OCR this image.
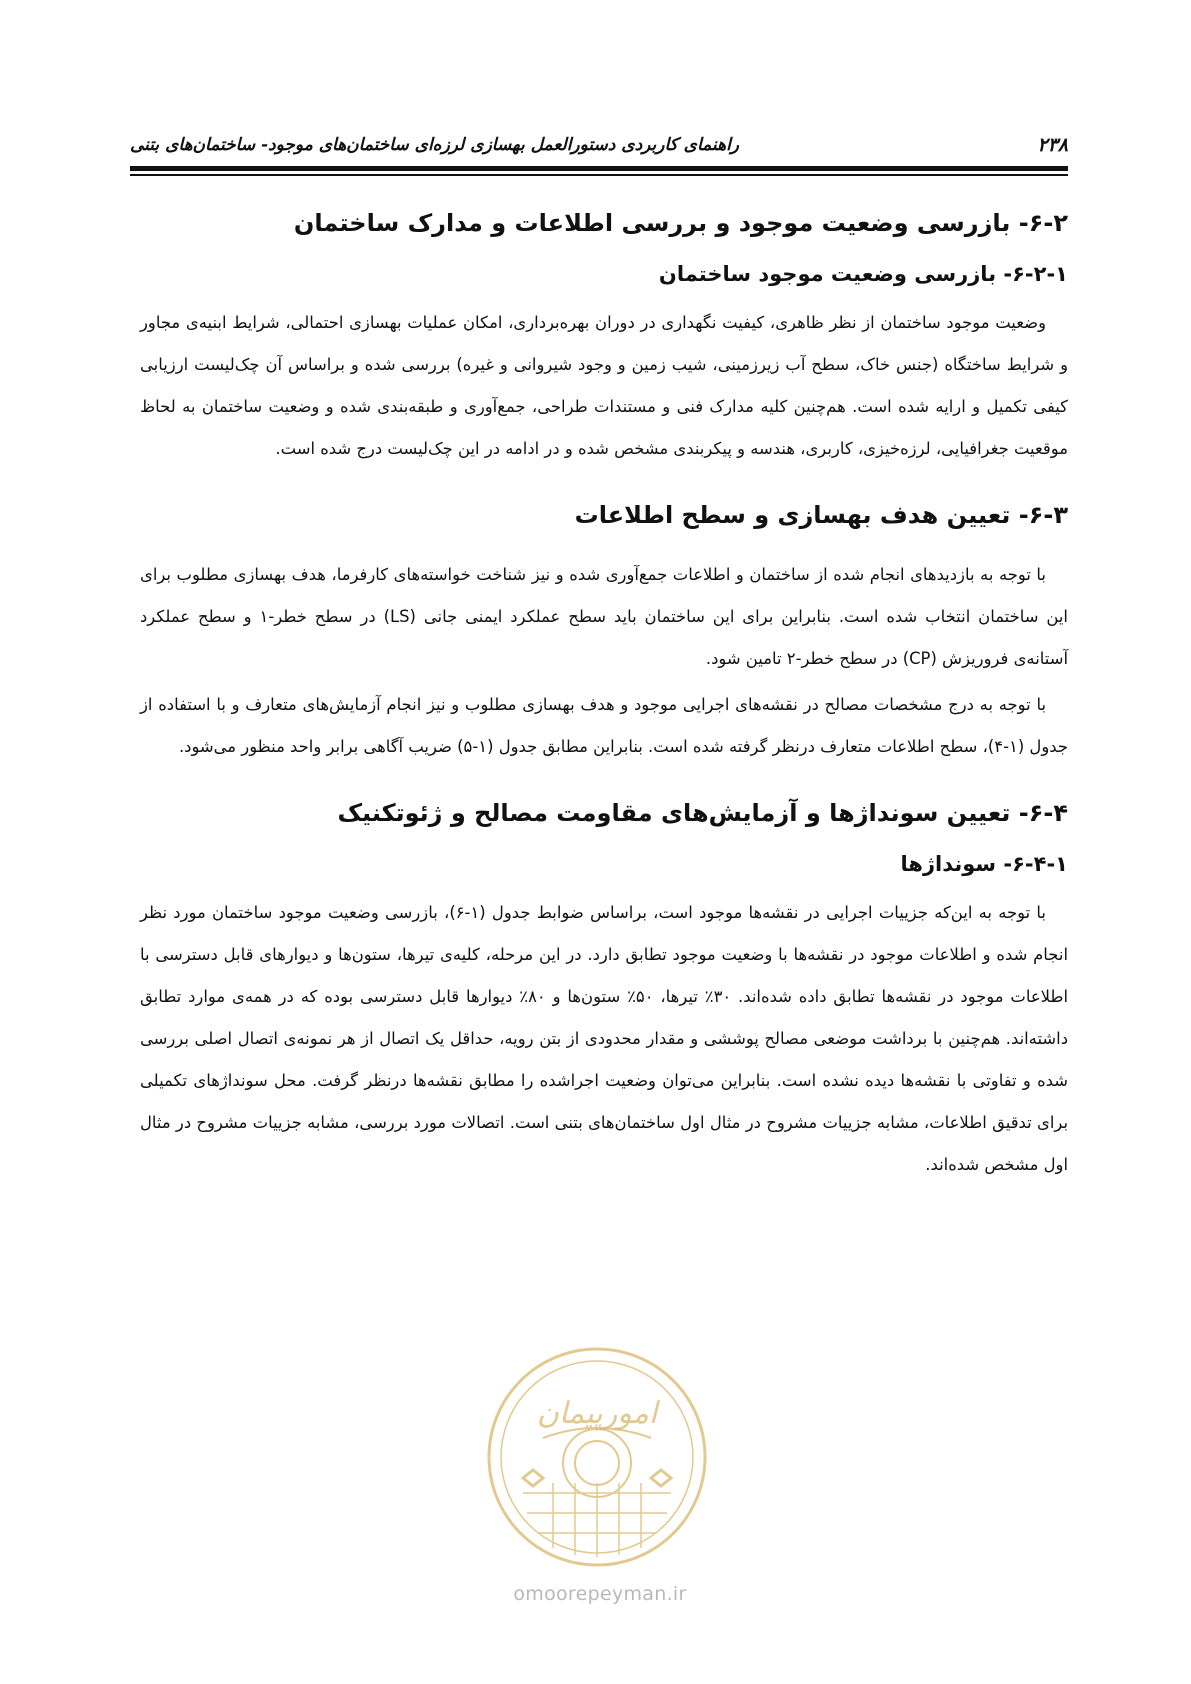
۲۳۸
راهنمای کاربردی دستورالعمل بهسازی لرزه‌ای ساختمان‌های موجود- ساختمان‌های بتنی
۶-۲- بازرسی وضعیت موجود و بررسی اطلاعات و مدارک ساختمان
۶-۲-۱- بازرسی وضعیت موجود ساختمان

وضعیت موجود ساختمان از نظر ظاهری، کیفیت نگهداری در دوران بهره‌برداری، امکان عملیات بهسازی احتمالی، شرایط ابنیه‌ی مجاور و شرایط ساختگاه (جنس خاک، سطح آب زیرزمینی، شیب زمین و وجود شیروانی و غیره) بررسی شده و براساس آن چک‌لیست ارزیابی کیفی تکمیل و ارایه شده است. هم‌چنین کلیه مدارک فنی و مستندات طراحی، جمع‌آوری و طبقه‌بندی شده و وضعیت ساختمان به لحاظ موقعیت جغرافیایی، لرزه‌خیزی، کاربری، هندسه و پیکربندی مشخص شده و در ادامه در این چک‌لیست درج شده است.

۶-۳- تعیین هدف بهسازی و سطح اطلاعات

با توجه به بازدیدهای انجام شده از ساختمان و اطلاعات جمع‌آوری شده و نیز شناخت خواسته‌های کارفرما، هدف بهسازی مطلوب برای این ساختمان انتخاب شده است. بنابراین برای این ساختمان باید سطح عملکرد ایمنی جانی (LS) در سطح خطر-۱ و سطح عملکرد آستانه‌ی فروریزش (CP) در سطح خطر-۲ تامین شود.

با توجه به درج مشخصات مصالح در نقشه‌های اجرایی موجود و هدف بهسازی مطلوب و نیز انجام آزمایش‌های متعارف و با استفاده از جدول (۱-۴)، سطح اطلاعات متعارف درنظر گرفته شده است. بنابراین مطابق جدول (۱-۵) ضریب آگاهی برابر واحد منظور می‌شود.

۶-۴- تعیین سونداژها و آزمایش‌های مقاومت مصالح و ژئوتکنیک
۶-۴-۱- سونداژها

با توجه به این‌که جزییات اجرایی در نقشه‌ها موجود است، براساس ضوابط جدول (۱-۶)، بازرسی وضعیت موجود ساختمان مورد نظر انجام شده و اطلاعات موجود در نقشه‌ها با وضعیت موجود تطابق دارد. در این مرحله، کلیه‌ی تیرها، ستون‌ها و دیوارهای قابل دسترسی با اطلاعات موجود در نقشه‌ها تطابق داده شده‌اند. ۳۰٪ تیرها، ۵۰٪ ستون‌ها و ۸۰٪ دیوارها قابل دسترسی بوده که در همه‌ی موارد تطابق داشته‌اند. هم‌چنین با برداشت موضعی مصالح پوششی و مقدار محدودی از بتن رویه، حداقل یک اتصال از هر نمونه‌ی اتصال اصلی بررسی شده و تفاوتی با نقشه‌ها دیده نشده است. بنابراین می‌توان وضعیت اجراشده را مطابق نقشه‌ها درنظر گرفت. محل سونداژهای تکمیلی برای تدقیق اطلاعات، مشابه جزییات مشروح در مثال اول ساختمان‌های بتنی است. اتصالات مورد بررسی، مشابه جزییات مشروح در مثال اول مشخص شده‌اند.

امورپیمان
omoorepeyman.ir
